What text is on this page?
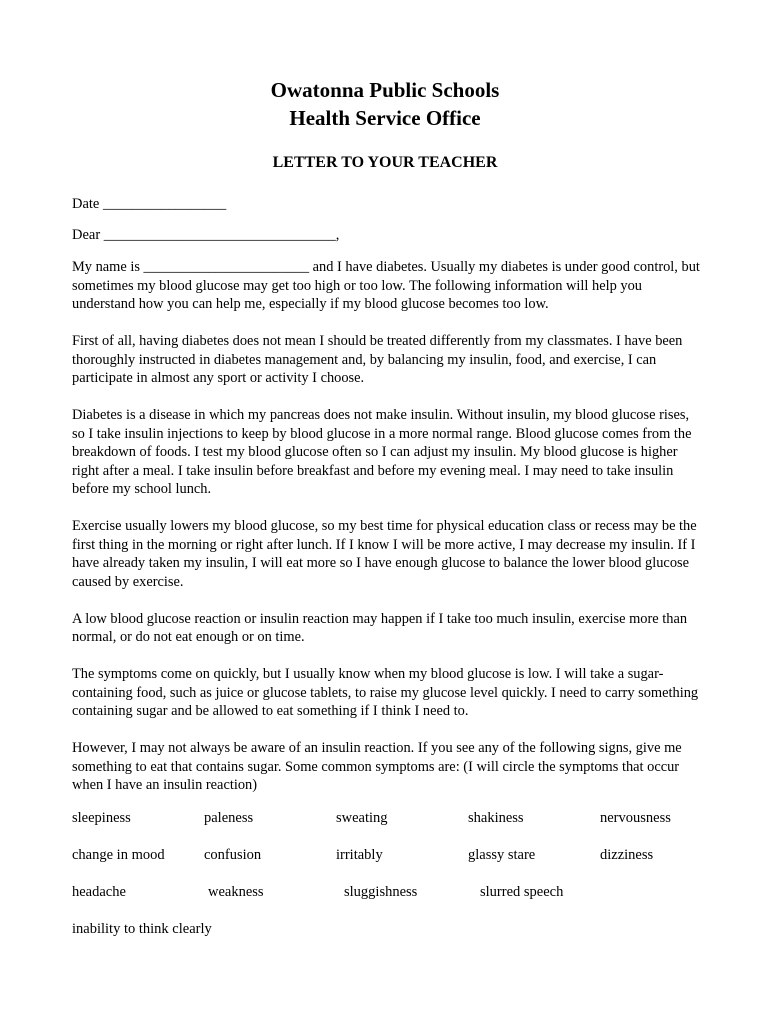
Owatonna Public Schools

Health Service Office

LETTER TO YOUR TEACHER

Date _________________
Dear ________________________________,

My name is _______________________ and I have diabetes. Usually my diabetes is under good control, but sometimes my blood glucose may get too high or too low. The following information will help you understand how you can help me, especially if my blood glucose becomes too low.

First of all, having diabetes does not mean I should be treated differently from my classmates. I have been thoroughly instructed in diabetes management and, by balancing my insulin, food, and exercise, I can participate in almost any sport or activity I choose.

Diabetes is a disease in which my pancreas does not make insulin. Without insulin, my blood glucose rises, so I take insulin injections to keep by blood glucose in a more normal range. Blood glucose comes from the breakdown of foods. I test my blood glucose often so I can adjust my insulin. My blood glucose is higher right after a meal. I take insulin before breakfast and before my evening meal. I may need to take insulin before my school lunch.

Exercise usually lowers my blood glucose, so my best time for physical education class or recess may be the first thing in the morning or right after lunch. If I know I will be more active, I may decrease my insulin. If I have already taken my insulin, I will eat more so I have enough glucose to balance the lower blood glucose caused by exercise.

A low blood glucose reaction or insulin reaction may happen if I take too much insulin, exercise more than normal, or do not eat enough or on time.

The symptoms come on quickly, but I usually know when my blood glucose is low. I will take a sugar-containing food, such as juice or glucose tablets, to raise my glucose level quickly. I need to carry something containing sugar and be allowed to eat something if I think I need to.

However, I may not always be aware of an insulin reaction. If you see any of the following signs, give me something to eat that contains sugar. Some common symptoms are: (I will circle the symptoms that occur when I have an insulin reaction)

sleepiness	paleness	sweating	shakiness	nervousness
change in mood	confusion	irritably	glassy stare	dizziness
headache	weakness	sluggishness	slurred speech
inability to think clearly
